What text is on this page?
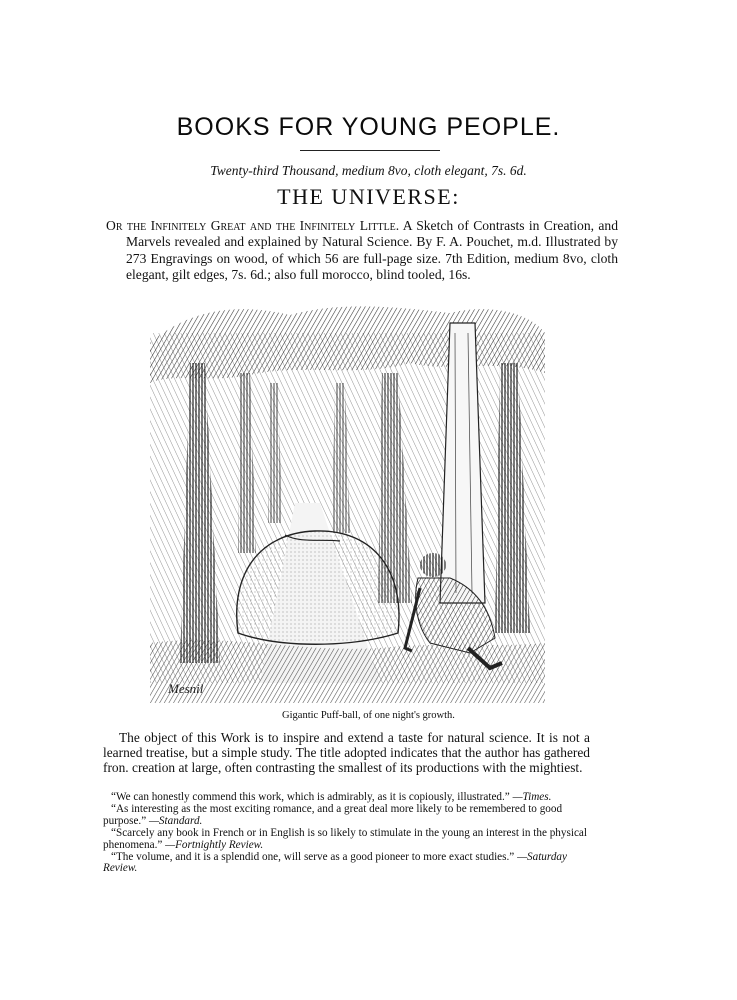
BOOKS FOR YOUNG PEOPLE.
Twenty-third Thousand, medium 8vo, cloth elegant, 7s. 6d.
THE UNIVERSE:
Or the Infinitely Great and the Infinitely Little. A Sketch of Contrasts in Creation, and Marvels revealed and explained by Natural Science. By F. A. Pouchet, m.d. Illustrated by 273 Engravings on wood, of which 56 are full-page size. 7th Edition, medium 8vo, cloth elegant, gilt edges, 7s. 6d.; also full morocco, blind tooled, 16s.
Mesnil
Gigantic Puff-ball, of one night's growth.

The object of this Work is to inspire and extend a taste for natural science. It is not a learned treatise, but a simple study. The title adopted indicates that the author has gathered fron. creation at large, often contrasting the smallest of its productions with the mightiest.

“We can honestly commend this work, which is admirably, as it is copiously, illustrated.” —Times.

“As interesting as the most exciting romance, and a great deal more likely to be remembered to good purpose.” —Standard.

“Scarcely any book in French or in English is so likely to stimulate in the young an interest in the physical phenomena.” —Fortnightly Review.

“The volume, and it is a splendid one, will serve as a good pioneer to more exact studies.” —Saturday Review.
